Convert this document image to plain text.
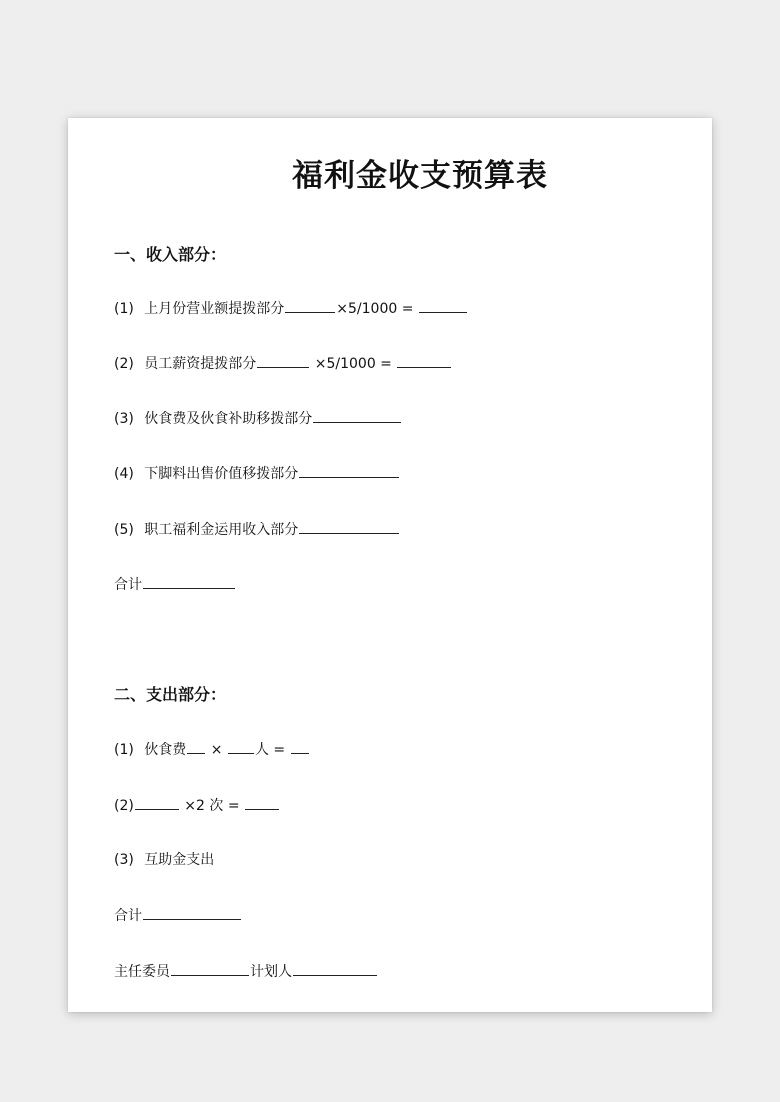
福利金收支预算表
一、收入部分：
(1) 上月份营业额提拨部分	×5/1000 =
(2) 员工薪资提拨部分	×5/1000 =
(3) 伙食费及伙食补助移拨部分
(4) 下脚料出售价值移拨部分
(5) 职工福利金运用收入部分
合计
二、支出部分：
(1) 伙食费 × 人 =
(2)	×2 次 =
(3) 互助金支出
合计
主任委员	计划人
